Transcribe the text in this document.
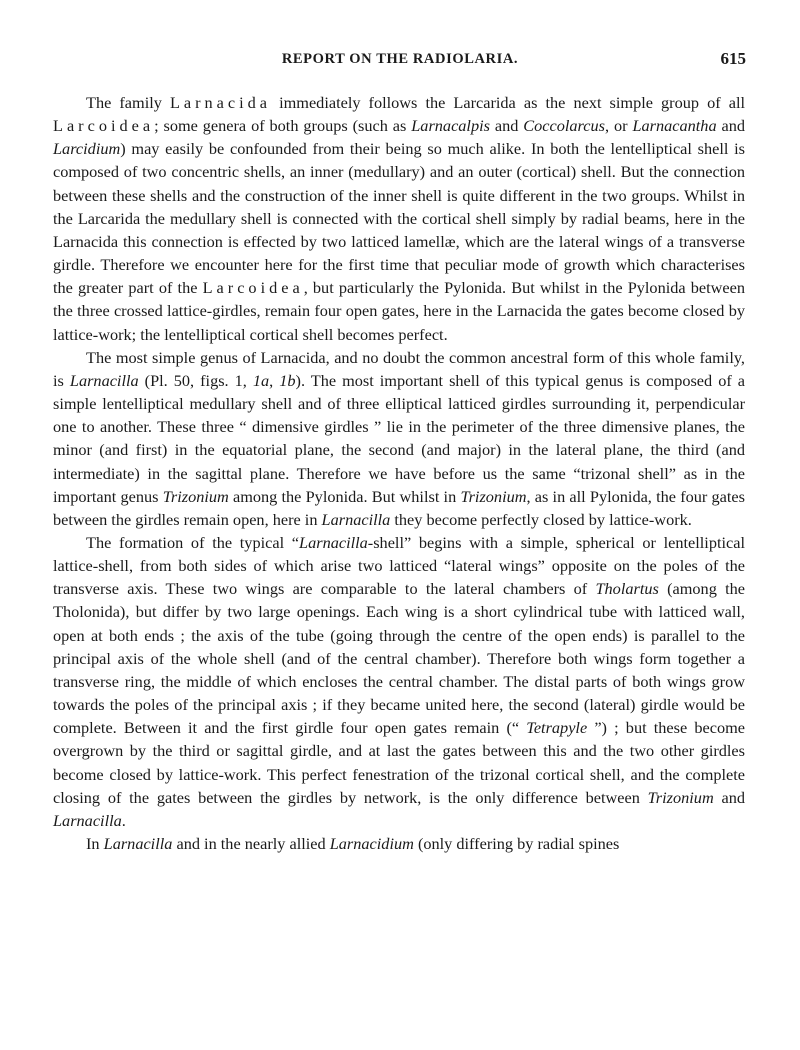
REPORT ON THE RADIOLARIA.	615

The family Larnacida immediately follows the Larcarida as the next simple group of all Larcoidea; some genera of both groups (such as Larnacalpis and Coccolarcus, or Larnacantha and Larcidium) may easily be confounded from their being so much alike. In both the lentelliptical shell is composed of two concentric shells, an inner (medullary) and an outer (cortical) shell. But the connection between these shells and the construction of the inner shell is quite different in the two groups. Whilst in the Larcarida the medullary shell is connected with the cortical shell simply by radial beams, here in the Larnacida this connection is effected by two latticed lamellæ, which are the lateral wings of a transverse girdle. Therefore we encounter here for the first time that peculiar mode of growth which characterises the greater part of the Larcoidea, but particularly the Pylonida. But whilst in the Pylonida between the three crossed lattice-girdles, remain four open gates, here in the Larnacida the gates become closed by lattice-work; the lentelliptical cortical shell becomes perfect.

The most simple genus of Larnacida, and no doubt the common ancestral form of this whole family, is Larnacilla (Pl. 50, figs. 1, 1a, 1b). The most important shell of this typical genus is composed of a simple lentelliptical medullary shell and of three elliptical latticed girdles surrounding it, perpendicular one to another. These three “ dimensive girdles ” lie in the perimeter of the three dimensive planes, the minor (and first) in the equatorial plane, the second (and major) in the lateral plane, the third (and intermediate) in the sagittal plane. Therefore we have before us the same “trizonal shell” as in the important genus Trizonium among the Pylonida. But whilst in Trizonium, as in all Pylonida, the four gates between the girdles remain open, here in Larnacilla they become perfectly closed by lattice-work.

The formation of the typical “Larnacilla-shell” begins with a simple, spherical or lentelliptical lattice-shell, from both sides of which arise two latticed “lateral wings” opposite on the poles of the transverse axis. These two wings are comparable to the lateral chambers of Tholartus (among the Tholonida), but differ by two large openings. Each wing is a short cylindrical tube with latticed wall, open at both ends ; the axis of the tube (going through the centre of the open ends) is parallel to the principal axis of the whole shell (and of the central chamber). Therefore both wings form together a transverse ring, the middle of which encloses the central chamber. The distal parts of both wings grow towards the poles of the principal axis ; if they became united here, the second (lateral) girdle would be complete. Between it and the first girdle four open gates remain (“ Tetrapyle ”) ; but these become overgrown by the third or sagittal girdle, and at last the gates between this and the two other girdles become closed by lattice-work. This perfect fenestration of the trizonal cortical shell, and the complete closing of the gates between the girdles by network, is the only difference between Trizonium and Larnacilla.

In Larnacilla and in the nearly allied Larnacidium (only differing by radial spines
